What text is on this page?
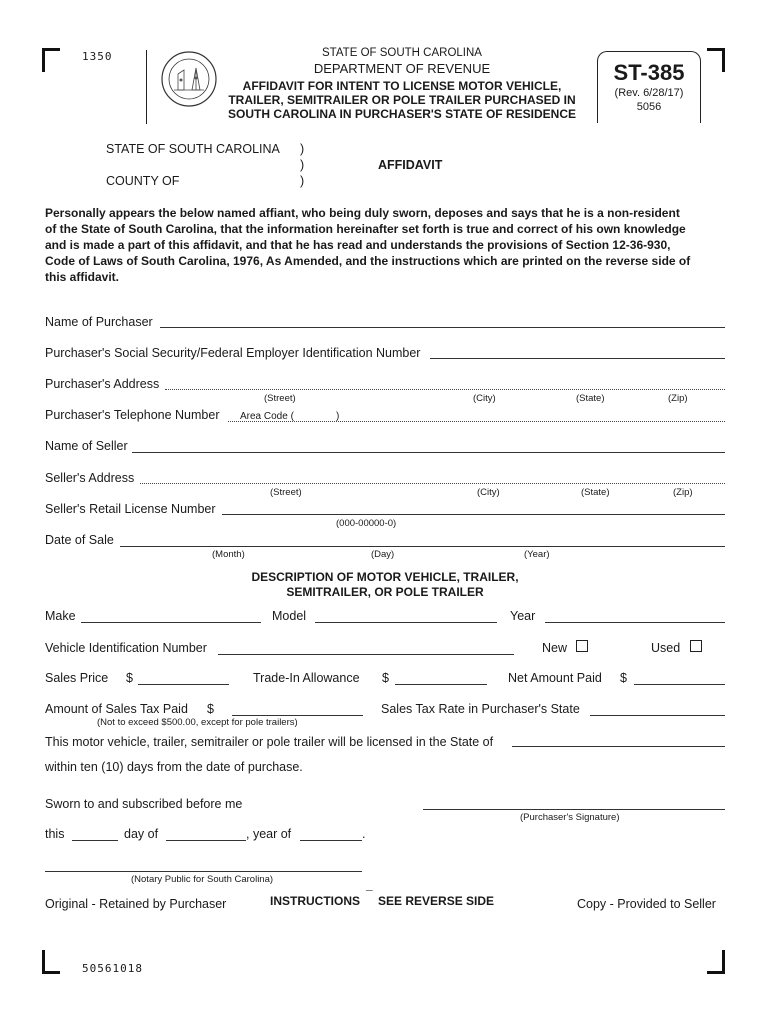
1350	STATE OF SOUTH CAROLINA
DEPARTMENT OF REVENUE
AFFIDAVIT FOR INTENT TO LICENSE MOTOR VEHICLE,
TRAILER, SEMITRAILER OR POLE TRAILER PURCHASED IN
SOUTH CAROLINA IN PURCHASER'S STATE OF RESIDENCE
ST-385
(Rev. 6/28/17)
5056
STATE OF SOUTH CAROLINA )
)
)
AFFIDAVIT
COUNTY OF
Personally appears the below named affiant, who being duly sworn, deposes and says that he is a non-resident
of the State of South Carolina, that the information hereinafter set forth is true and correct of his own knowledge
and is made a part of this affidavit, and that he has read and understands the provisions of Section 12-36-930,
Code of Laws of South Carolina, 1976, As Amended, and the instructions which are printed on the reverse side of
this affidavit.
Name of Purchaser
Purchaser's Social Security/Federal Employer Identification Number
Purchaser's Address
(Street)	(City)	(State)	(Zip)
Purchaser's Telephone Number Area Code (	)
Name of Seller
Seller's Address
(Street)	(City)	(State)	(Zip)
Seller's Retail License Number
(000-00000-0)
Date of Sale
(Month)	(Day)	(Year)
DESCRIPTION OF MOTOR VEHICLE, TRAILER,
SEMITRAILER, OR POLE TRAILER
Make	Model	Year
Vehicle Identification Number	New	Used
Sales Price $	Trade-In Allowance $	Net Amount Paid $
Amount of Sales Tax Paid $
(Not to exceed $500.00, except for pole trailers)
Sales Tax Rate in Purchaser's State
This motor vehicle, trailer, semitrailer or pole trailer will be licensed in the State of
within ten (10) days from the date of purchase.
Sworn to and subscribed before me
(Purchaser's Signature)
this	day of	, year of	.
(Notary Public for South Carolina)
Original - Retained by Purchaser	INSTRUCTIONS ¯ SEE REVERSE SIDE	Copy - Provided to Seller
50561018
